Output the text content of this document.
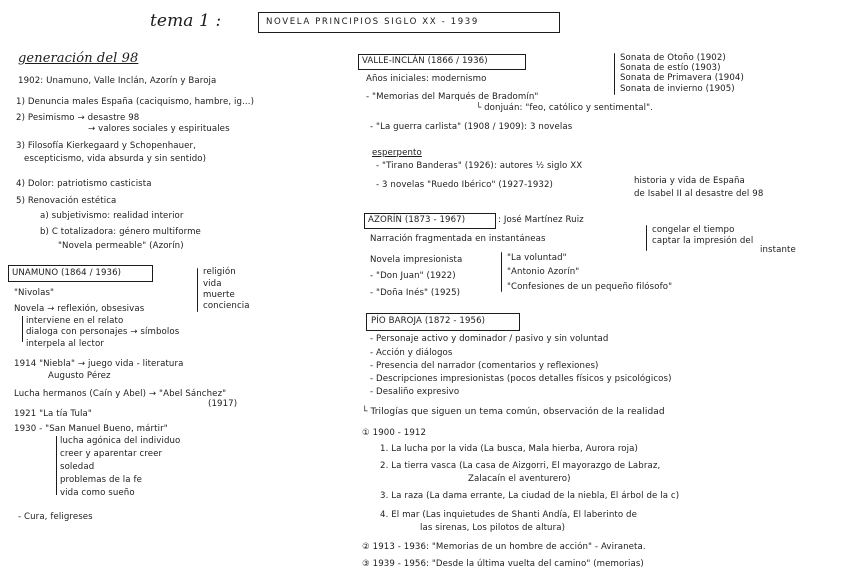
tema 1 :	NOVELA PRINCIPIOS SIGLO XX - 1939
generación del 98
1902: Unamuno, Valle Inclán, Azorín y Baroja
1) Denuncia males España (caciquismo, hambre, ig...)
2) Pesimismo → desastre 98
→ valores sociales y espirituales
3) Filosofía Kierkegaard y Schopenhauer,
escepticismo, vida absurda y sin sentido)
4) Dolor: patriotismo casticista
5) Renovación estética
a) subjetivismo: realidad interior
b) C totalizadora: género multiforme
"Novela permeable" (Azorín)
UNAMUNO (1864 / 1936)	religión
vida
muerte
conciencia
"Nivolas"
Novela → reflexión, obsesivas
interviene en el relato
dialoga con personajes → símbolos
interpela al lector
1914 "Niebla" → juego vida - literatura
Augusto Pérez
Lucha hermanos (Caín y Abel) → "Abel Sánchez"
(1917)
1921 "La tía Tula"
1930 - "San Manuel Bueno, mártir"
lucha agónica del individuo
creer y aparentar creer
soledad
problemas de la fe
vida como sueño
- Cura, feligreses
VALLE-INCLÁN (1866 / 1936)
Años iniciales: modernismo
- "Memorias del Marqués de Bradomín"
Sonata de Otoño (1902)
Sonata de estío (1903)
Sonata de Primavera (1904)
Sonata de invierno (1905)
└ donjuán: "feo, católico y sentimental".
- "La guerra carlista" (1908 / 1909): 3 novelas
esperpento
- "Tirano Banderas" (1926): autores ½ siglo XX
- 3 novelas "Ruedo Ibérico" (1927-1932)	historia y vida de España
de Isabel II al desastre del 98
AZORÍN (1873 - 1967)	: José Martínez Ruiz
Narración fragmentada en instantáneas
congelar el tiempo
captar la impresión del
instante
Novela impresionista
- "Don Juan" (1922)
- "Doña Inés" (1925)
"La voluntad"
"Antonio Azorín"
"Confesiones de un pequeño filósofo"
PÍO BAROJA (1872 - 1956)
- Personaje activo y dominador / pasivo y sin voluntad
- Acción y diálogos
- Presencia del narrador (comentarios y reflexiones)
- Descripciones impresionistas (pocos detalles físicos y psicológicos)
- Desaliño expresivo
└ Trilogías que siguen un tema común, observación de la realidad
① 1900 - 1912
1. La lucha por la vida (La busca, Mala hierba, Aurora roja)
2. La tierra vasca (La casa de Aizgorri, El mayorazgo de Labraz,
Zalacaín el aventurero)
3. La raza (La dama errante, La ciudad de la niebla, El árbol de la c)
4. El mar (Las inquietudes de Shanti Andía, El laberinto de
las sirenas, Los pilotos de altura)
② 1913 - 1936: "Memorias de un hombre de acción" - Aviraneta.
③ 1939 - 1956: "Desde la última vuelta del camino" (memorias)
